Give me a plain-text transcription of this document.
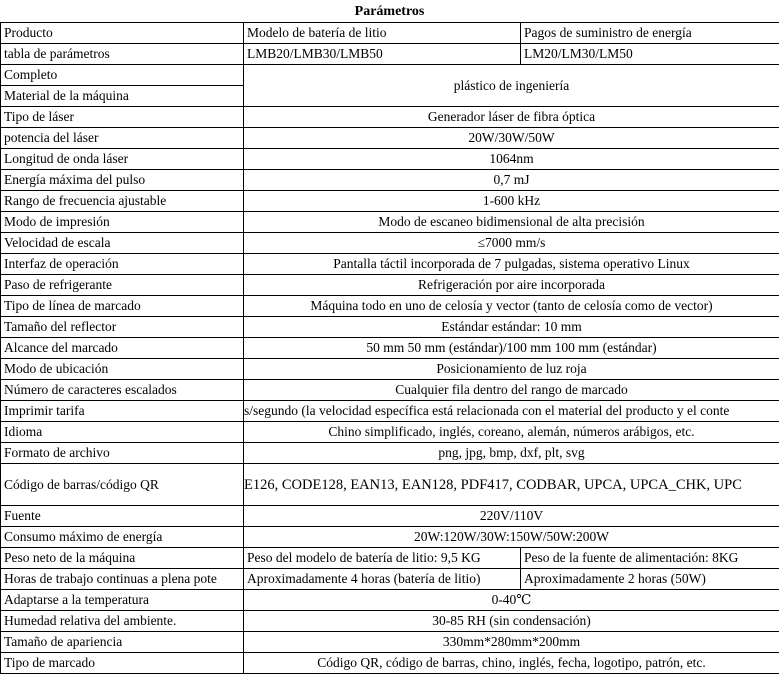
Parámetros
Producto	Modelo de batería de litio	Pagos de suministro de energía
tabla de parámetros	LMB20/LMB30/LMB50	LM20/LM30/LM50
Completo	plástico de ingeniería	
Material de la máquina		
Tipo de láser	Generador láser de fibra óptica	
potencia del láser	20W/30W/50W	
Longitud de onda láser	1064nm	
Energía máxima del pulso	0,7 mJ	
Rango de frecuencia ajustable	1-600 kHz	
Modo de impresión	Modo de escaneo bidimensional de alta precisión	
Velocidad de escala	≤7000 mm/s	
Interfaz de operación	Pantalla táctil incorporada de 7 pulgadas, sistema operativo Linux	
Paso de refrigerante	Refrigeración por aire incorporada	
Tipo de línea de marcado	Máquina todo en uno de celosía y vector (tanto de celosía como de vector)	
Tamaño del reflector	Estándar estándar: 10 mm	
Alcance del marcado	50 mm 50 mm (estándar)/100 mm 100 mm (estándar)	
Modo de ubicación	Posicionamiento de luz roja	
Número de caracteres escalados	Cualquier fila dentro del rango de marcado	
Imprimir tarifa	s/segundo (la velocidad específica está relacionada con el material del producto y el conte	
Idioma	Chino simplificado, inglés, coreano, alemán, números arábigos, etc.	
Formato de archivo	png, jpg, bmp, dxf, plt, svg	
Código de barras/código QR	E126, CODE128, EAN13, EAN128, PDF417, CODBAR, UPCA, UPCA_CHK, UPC	
Fuente	220V/110V	
Consumo máximo de energía	20W:120W/30W:150W/50W:200W	
Peso neto de la máquina	Peso del modelo de batería de litio: 9,5 KG	Peso de la fuente de alimentación: 8KG
Horas de trabajo continuas a plena pote	Aproximadamente 4 horas (batería de litio)	Aproximadamente 2 horas (50W)
Adaptarse a la temperatura	0-40℃	
Humedad relativa del ambiente.	30-85 RH (sin condensación)	
Tamaño de apariencia	330mm*280mm*200mm	
Tipo de marcado	Código QR, código de barras, chino, inglés, fecha, logotipo, patrón, etc.	
